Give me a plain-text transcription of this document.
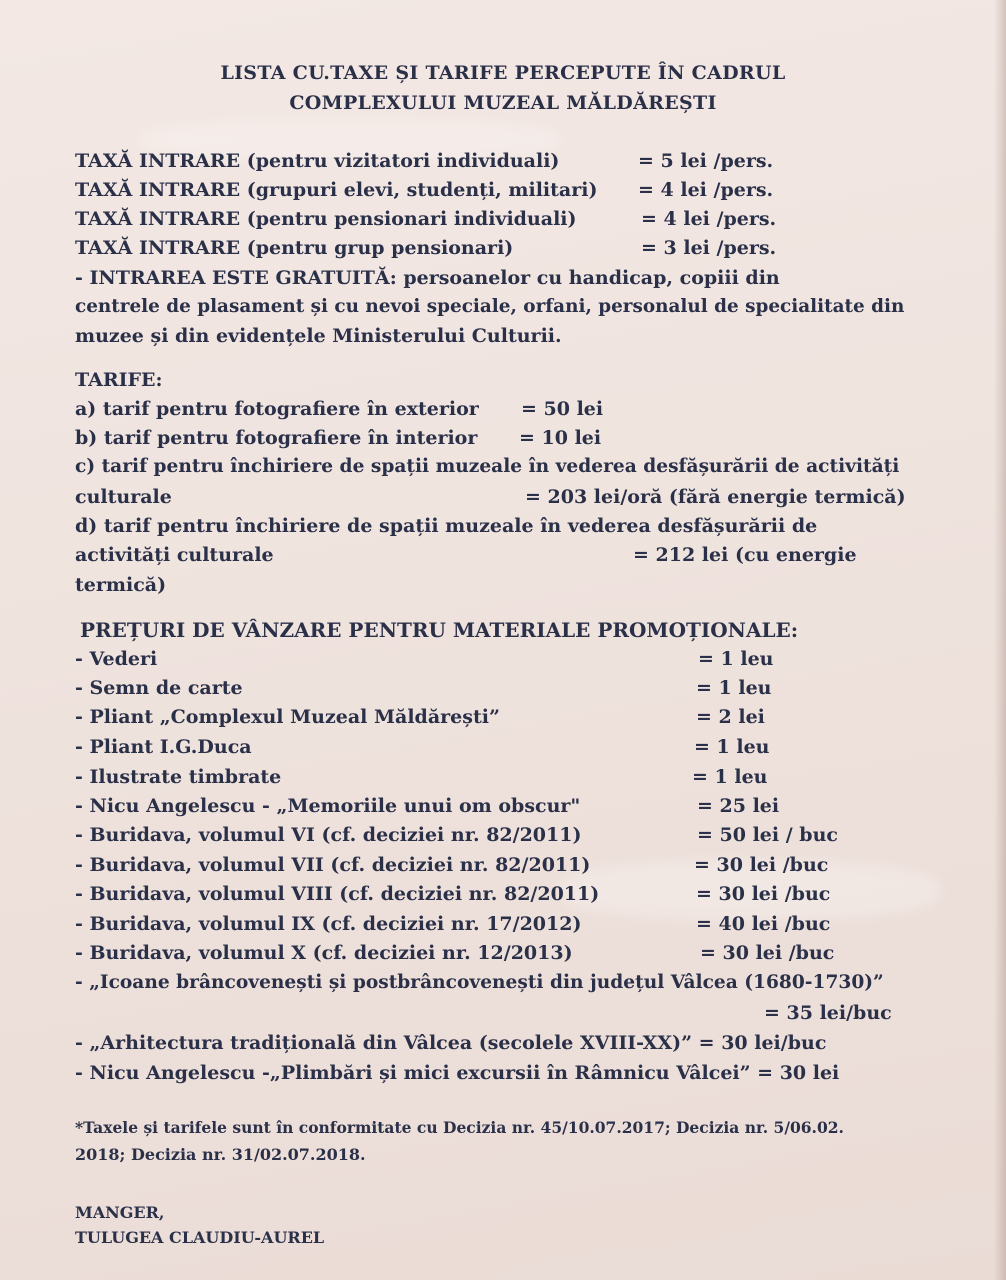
LISTA CU.TAXE ȘI TARIFE PERCEPUTE ÎN CADRUL
COMPLEXULUI MUZEAL MĂLDĂREȘTI
TAXĂ INTRARE (pentru vizitatori individuali)	= 5 lei /pers.
TAXĂ INTRARE (grupuri elevi, studenți, militari) = 4 lei /pers.
TAXĂ INTRARE (pentru pensionari individuali)	= 4 lei /pers.
TAXĂ INTRARE (pentru grup pensionari)	= 3 lei /pers.
- INTRAREA ESTE GRATUITĂ: persoanelor cu handicap, copiii din
centrele de plasament și cu nevoi speciale, orfani, personalul de specialitate din
muzee și din evidențele Ministerului Culturii.
TARIFE:
a) tarif pentru fotografiere în exterior = 50 lei
b) tarif pentru fotografiere în interior = 10 lei
c) tarif pentru închiriere de spații muzeale în vederea desfășurării de activități
culturale	= 203 lei/oră (fără energie termică)
d) tarif pentru închiriere de spații muzeale în vederea desfășurării de
activități culturale	= 212 lei (cu energie
termică)
PREȚURI DE VÂNZARE PENTRU MATERIALE PROMOȚIONALE:
- Vederi	= 1 leu
- Semn de carte	= 1 leu
- Pliant „Complexul Muzeal Măldărești”	= 2 lei
- Pliant I.G.Duca	= 1 leu
- Ilustrate timbrate	= 1 leu
- Nicu Angelescu - „Memoriile unui om obscur"	= 25 lei
- Buridava, volumul VI (cf. deciziei nr. 82/2011)	= 50 lei / buc
- Buridava, volumul VII (cf. deciziei nr. 82/2011)	= 30 lei /buc
- Buridava, volumul VIII (cf. deciziei nr. 82/2011)	= 30 lei /buc
- Buridava, volumul IX (cf. deciziei nr. 17/2012)	= 40 lei /buc
- Buridava, volumul X (cf. deciziei nr. 12/2013)	= 30 lei /buc
- „Icoane brâncovenești și postbrâncovenești din județul Vâlcea (1680-1730)”
= 35 lei/buc
- „Arhitectura tradițională din Vâlcea (secolele XVIII-XX)” = 30 lei/buc
- Nicu Angelescu -„Plimbări și mici excursii în Râmnicu Vâlcei” = 30 lei
*Taxele și tarifele sunt în conformitate cu Decizia nr. 45/10.07.2017; Decizia nr. 5/06.02.
2018; Decizia nr. 31/02.07.2018.
MANGER,
TULUGEA CLAUDIU-AUREL
